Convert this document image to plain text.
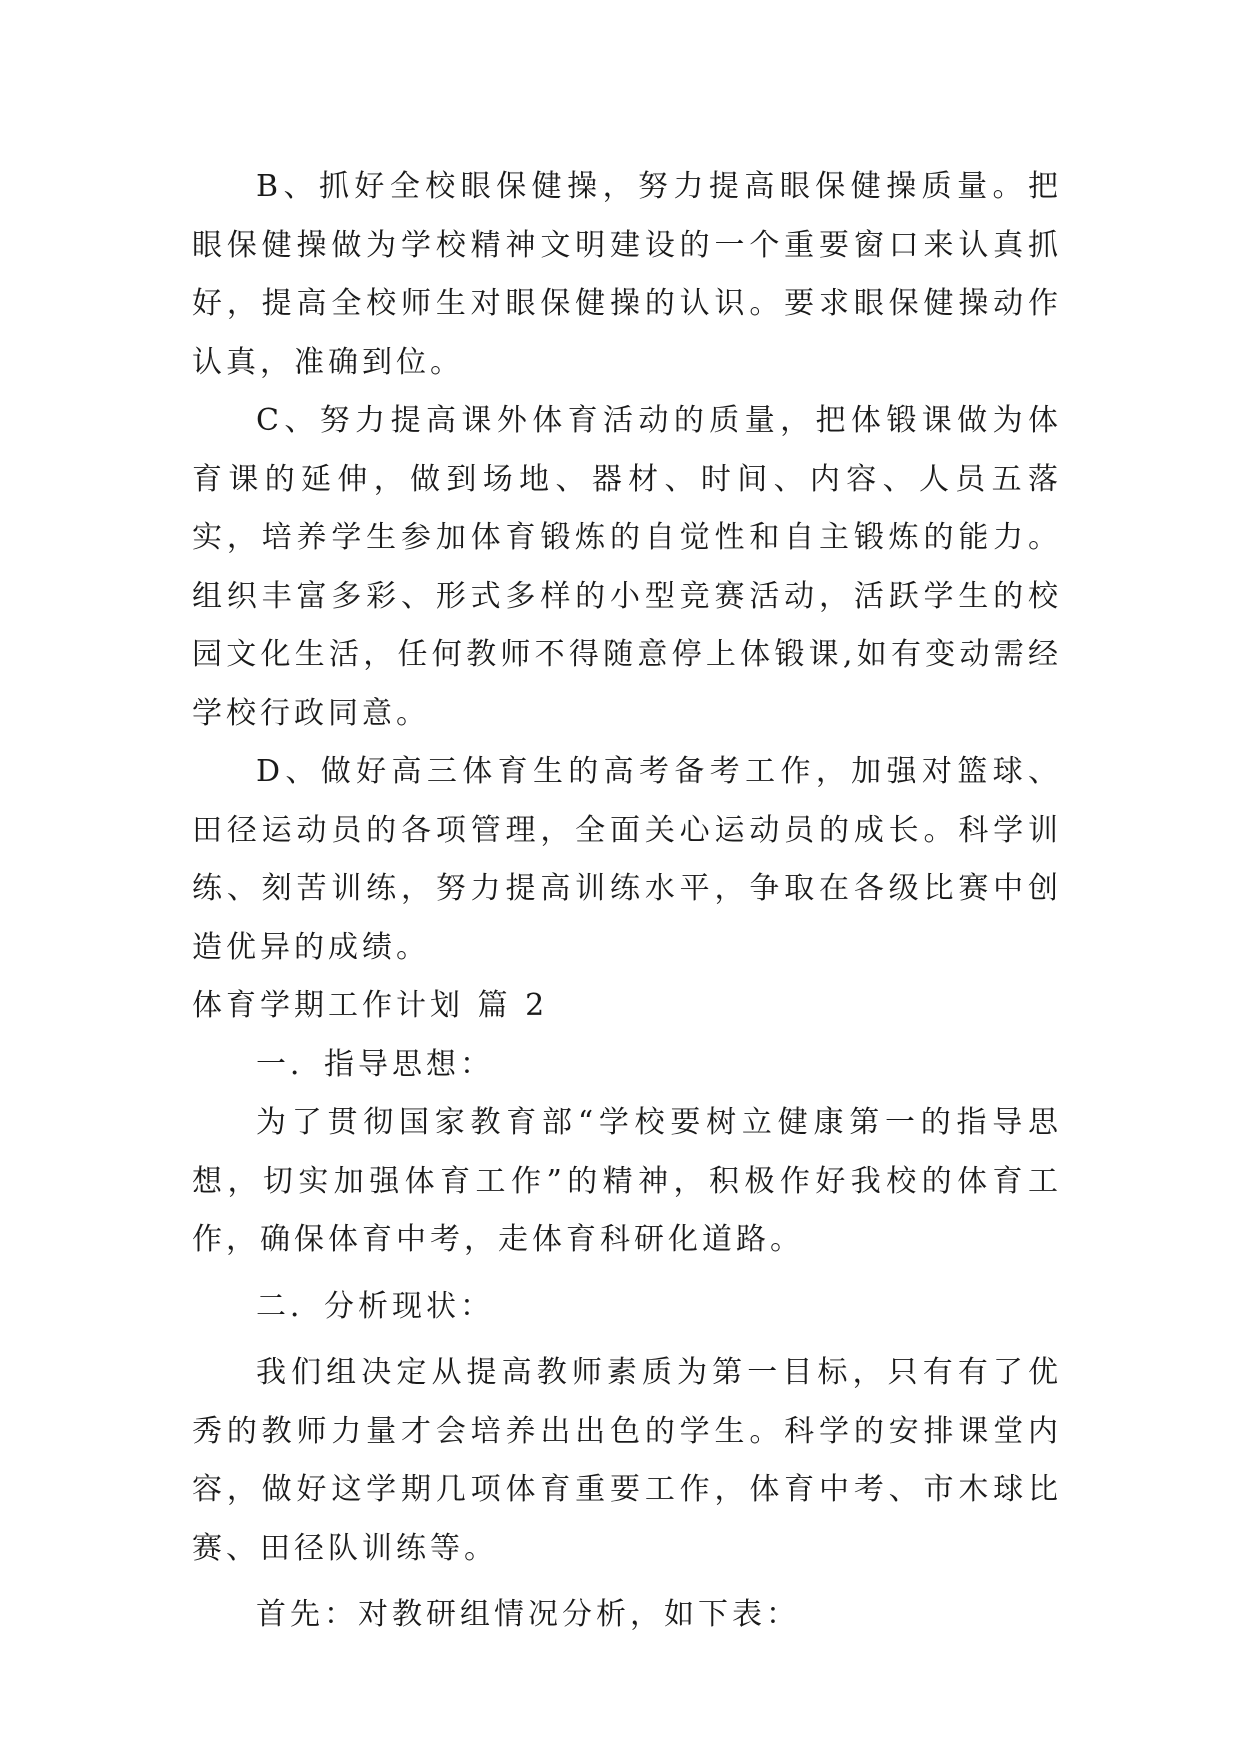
B、抓好全校眼保健操，努力提高眼保健操质量。把眼保健操做为学校精神文明建设的一个重要窗口来认真抓好，提高全校师生对眼保健操的认识。要求眼保健操动作认真，准确到位。

C、努力提高课外体育活动的质量，把体锻课做为体育课的延伸，做到场地、器材、时间、内容、人员五落实，培养学生参加体育锻炼的自觉性和自主锻炼的能力。组织丰富多彩、形式多样的小型竞赛活动，活跃学生的校园文化生活，任何教师不得随意停上体锻课,如有变动需经学校行政同意。

D、做好高三体育生的高考备考工作，加强对篮球、田径运动员的各项管理，全面关心运动员的成长。科学训练、刻苦训练，努力提高训练水平，争取在各级比赛中创造优异的成绩。

体育学期工作计划 篇 2

一．指导思想：

为了贯彻国家教育部“学校要树立健康第一的指导思想，切实加强体育工作”的精神，积极作好我校的体育工作，确保体育中考，走体育科研化道路。

二．分析现状：

我们组决定从提高教师素质为第一目标，只有有了优秀的教师力量才会培养出出色的学生。科学的安排课堂内容，做好这学期几项体育重要工作，体育中考、市木球比赛、田径队训练等。

首先：对教研组情况分析，如下表：
